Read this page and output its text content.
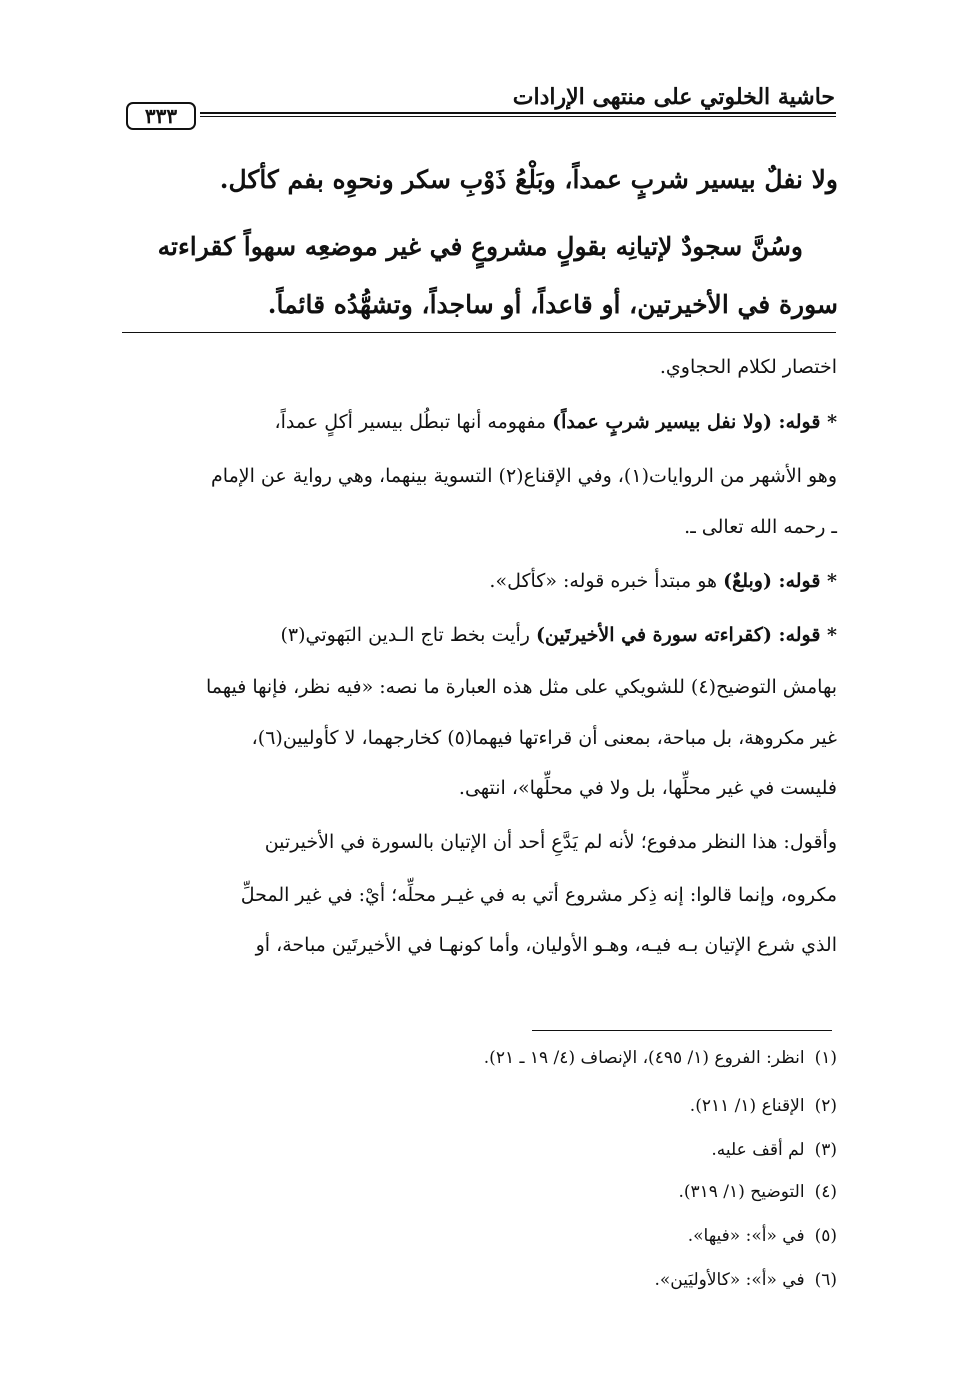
حاشية الخلوتي على منتهى الإرادات
٣٣٣
ولا نفلٌ بيسير شربٍ عمداً، وبَلْعُ ذَوْبِ سكر ونحوِه بفم كأكل.
وسُنَّ سجودٌ لإتيانِه بقولٍ مشروعٍ في غير موضعِه سهواً كقراءته
سورة في الأخيرتين، أو قاعداً، أو ساجداً، وتشهُّدُه قائماً.
اختصار لكلام الحجاوي.
* قوله: (ولا نفل بيسير شربٍ عمداً) مفهومه أنها تبطُل بيسير أكلٍ عمداً،
وهو الأشهر من الروايات(١)، وفي الإقناع(٢) التسوية بينهما، وهي رواية عن الإمام
ـ رحمه الله تعالى ـ.
* قوله: (وبلعٌ) هو مبتدأ خبره قوله: «كأكل».
* قوله: (كقراءته سورة في الأخيرتَين) رأيت بخط تاج الـدين البَهوتي(٣)
بهامش التوضيح(٤) للشويكي على مثل هذه العبارة ما نصه: «فيه نظر، فإنها فيهما
غير مكروهة، بل مباحة، بمعنى أن قراءتها فيهما(٥) كخارجهما، لا كأوليين(٦)،
فليست في غير محلِّها، بل ولا في محلِّها»، انتهى.
وأقول: هذا النظر مدفوع؛ لأنه لم يَدَّعِ أحد أن الإتيان بالسورة في الأخيرتين
مكروه، وإنما قالوا: إنه ذِكر مشروع أتي به في غيـر محلِّه؛ أيْ: في غير المحلِّ
الذي شرع الإتيان بـه فيـه، وهـو الأوليان، وأما كونهـا في الأخيرتَين مباحة، أو
(١)انظر: الفروع (١/ ٤٩٥)، الإنصاف (٤/ ١٩ ـ ٢١).
(٢)الإقناع (١/ ٢١١).
(٣)لم أقف عليه.
(٤)التوضيح (١/ ٣١٩).
(٥)في «أ»: «فيها».
(٦)في «أ»: «كالأوليَين».
